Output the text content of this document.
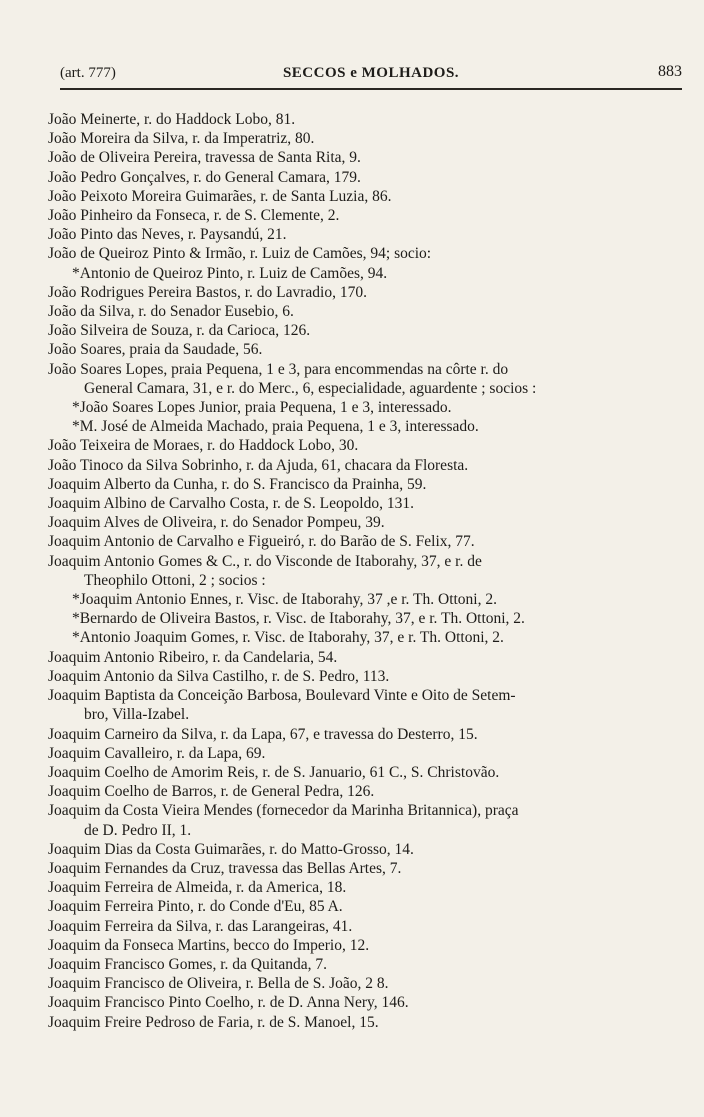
(art. 777)	SECCOS e MOLHADOS.	883
João Meinerte, r. do Haddock Lobo, 81.
João Moreira da Silva, r. da Imperatriz, 80.
João de Oliveira Pereira, travessa de Santa Rita, 9.
João Pedro Gonçalves, r. do General Camara, 179.
João Peixoto Moreira Guimarães, r. de Santa Luzia, 86.
João Pinheiro da Fonseca, r. de S. Clemente, 2.
João Pinto das Neves, r. Paysandú, 21.
João de Queiroz Pinto & Irmão, r. Luiz de Camões, 94; socio:
*Antonio de Queiroz Pinto, r. Luiz de Camões, 94.
João Rodrigues Pereira Bastos, r. do Lavradio, 170.
João da Silva, r. do Senador Eusebio, 6.
João Silveira de Souza, r. da Carioca, 126.
João Soares, praia da Saudade, 56.
João Soares Lopes, praia Pequena, 1 e 3, para encommendas na côrte r. do
General Camara, 31, e r. do Merc., 6, especialidade, aguardente ; socios :
*João Soares Lopes Junior, praia Pequena, 1 e 3, interessado.
*M. José de Almeida Machado, praia Pequena, 1 e 3, interessado.
João Teixeira de Moraes, r. do Haddock Lobo, 30.
João Tinoco da Silva Sobrinho, r. da Ajuda, 61, chacara da Floresta.
Joaquim Alberto da Cunha, r. do S. Francisco da Prainha, 59.
Joaquim Albino de Carvalho Costa, r. de S. Leopoldo, 131.
Joaquim Alves de Oliveira, r. do Senador Pompeu, 39.
Joaquim Antonio de Carvalho e Figueiró, r. do Barão de S. Felix, 77.
Joaquim Antonio Gomes & C., r. do Visconde de Itaborahy, 37, e r. de
Theophilo Ottoni, 2 ; socios :
*Joaquim Antonio Ennes, r. Visc. de Itaborahy, 37 ,e r. Th. Ottoni, 2.
*Bernardo de Oliveira Bastos, r. Visc. de Itaborahy, 37, e r. Th. Ottoni, 2.
*Antonio Joaquim Gomes, r. Visc. de Itaborahy, 37, e r. Th. Ottoni, 2.
Joaquim Antonio Ribeiro, r. da Candelaria, 54.
Joaquim Antonio da Silva Castilho, r. de S. Pedro, 113.
Joaquim Baptista da Conceição Barbosa, Boulevard Vinte e Oito de Setem-
bro, Villa-Izabel.
Joaquim Carneiro da Silva, r. da Lapa, 67, e travessa do Desterro, 15.
Joaquim Cavalleiro, r. da Lapa, 69.
Joaquim Coelho de Amorim Reis, r. de S. Januario, 61 C., S. Christovão.
Joaquim Coelho de Barros, r. de General Pedra, 126.
Joaquim da Costa Vieira Mendes (fornecedor da Marinha Britannica), praça
de D. Pedro II, 1.
Joaquim Dias da Costa Guimarães, r. do Matto-Grosso, 14.
Joaquim Fernandes da Cruz, travessa das Bellas Artes, 7.
Joaquim Ferreira de Almeida, r. da America, 18.
Joaquim Ferreira Pinto, r. do Conde d'Eu, 85 A.
Joaquim Ferreira da Silva, r. das Larangeiras, 41.
Joaquim da Fonseca Martins, becco do Imperio, 12.
Joaquim Francisco Gomes, r. da Quitanda, 7.
Joaquim Francisco de Oliveira, r. Bella de S. João, 2 8.
Joaquim Francisco Pinto Coelho, r. de D. Anna Nery, 146.
Joaquim Freire Pedroso de Faria, r. de S. Manoel, 15.
